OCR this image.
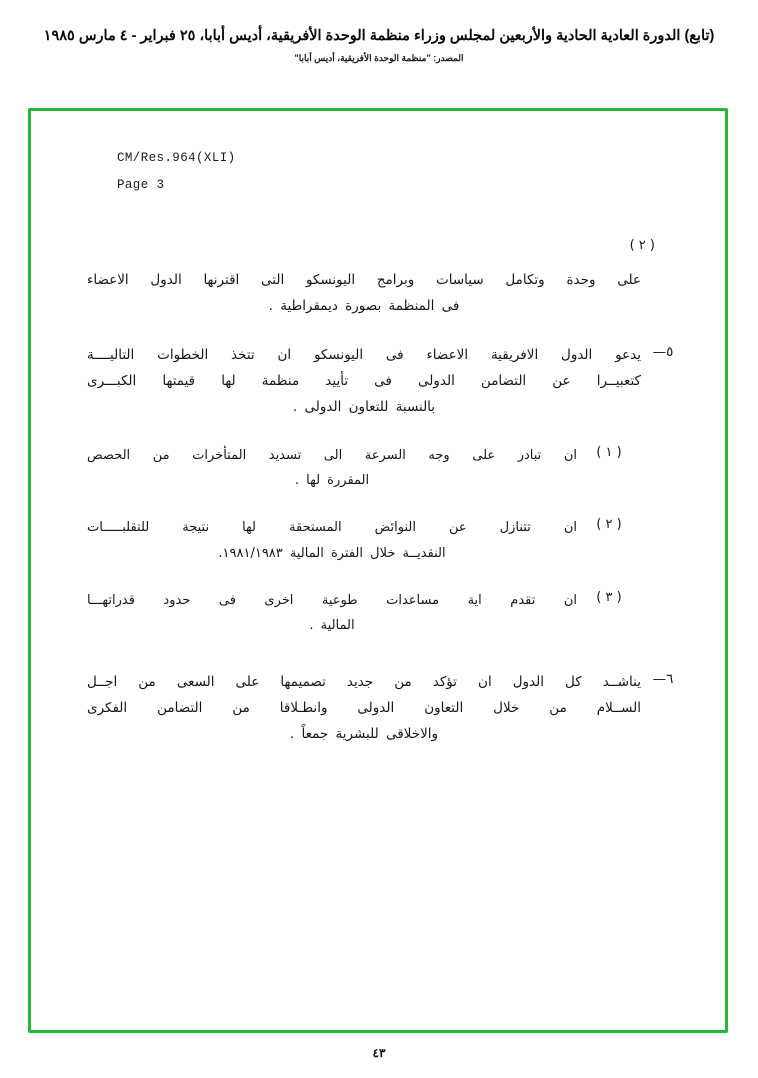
(تابع) الدورة العادية الحادية والأربعين لمجلس وزراء منظمة الوحدة الأفريقية، أديس أبابا، ٢٥ فبراير - ٤ مارس ١٩٨٥
المصدر: "منظمة الوحدة الأفريقية، أديس أبابا"
CM/Res.964(XLI)
Page 3
( ٢ )
على وحدة وتكامل سياسات وبرامج اليونسكو التى اقترنها الدول الاعضاء
فى المنظمة بصورة ديمقراطية .
٥—
يدعو الدول الافريقية الاعضاء فى اليونسكو ان تتخذ الخطوات التاليــــة
كتعبيــرا عن التضامن الدولى فى تأييد منظمة لها قيمتها الكبـــرى
بالنسبة للتعاون الدولى .
( ١ )
ان تبادر على وجه السرعة الى تسديد المتأخرات من الحصص
المقررة لها .
( ٢ )
ان تتنازل عن النوائض المستحقة لها نتيجة للتقلبـــــات
النقديــة خلال الفترة المالية ١٩٨١/١٩٨٣.
( ٣ )
ان تقدم اية مساعدات طوعية اخرى فى حدود قدراتهـــا
المالية .
٦—
يناشــد كل الدول ان تؤكد من جديد تصميمها على السعى من اجــل
الســلام من خلال التعاون الدولى وانطـلاقا من التضامن الفكرى
والاخلاقى للبشرية جمعاً .
٤٣
